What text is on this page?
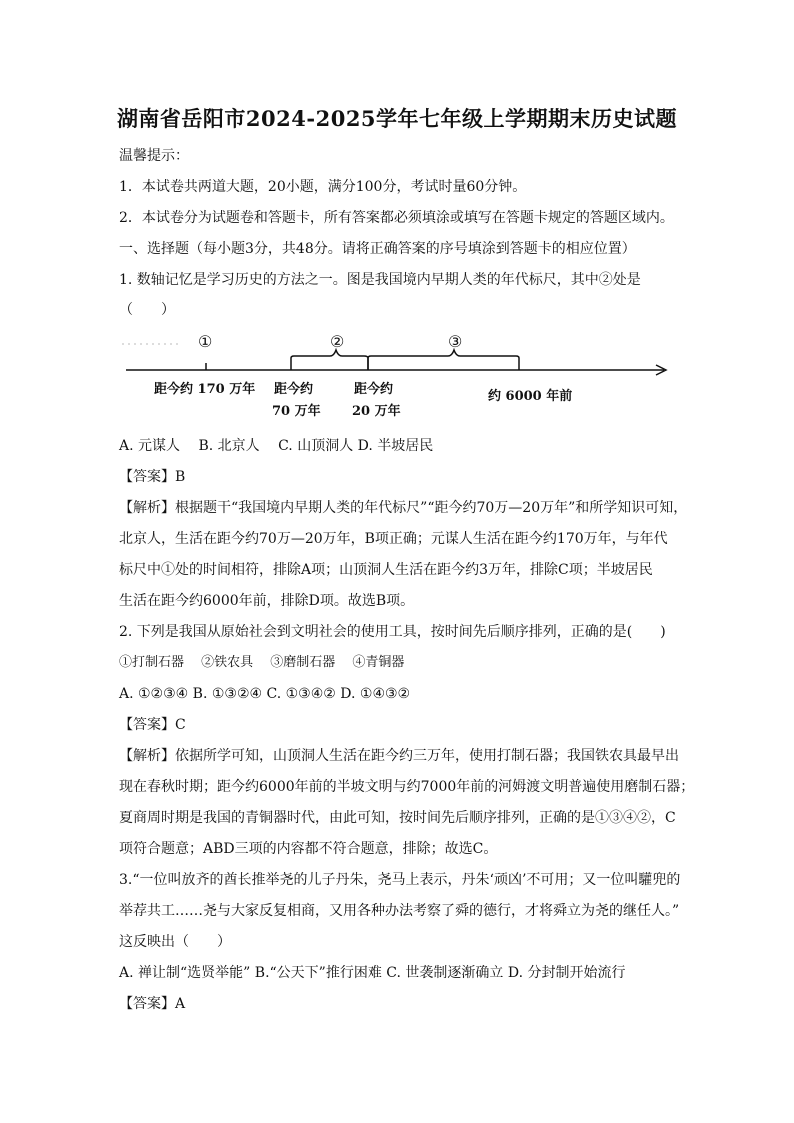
湖南省岳阳市2024-2025学年七年级上学期期末历史试题
温馨提示：
1．本试卷共两道大题，20小题，满分100分，考试时量60分钟。
2．本试卷分为试题卷和答题卡，所有答案都必须填涂或填写在答题卡规定的答题区域内。
一、选择题（每小题3分，共48分。请将正确答案的序号填涂到答题卡的相应位置）
1. 数轴记忆是学习历史的方法之一。图是我国境内早期人类的年代标尺，其中②处是
（　　）
①	②	③
距今约 170 万年 距今约
70 万年
距今约
20 万年
约 6000 年前
A. 元谋人　 B. 北京人　 C. 山顶洞人 D. 半坡居民
【答案】B
【解析】根据题干“我国境内早期人类的年代标尺”“距今约70万—20万年”和所学知识可知，
北京人，生活在距今约70万—20万年，B项正确；元谋人生活在距今约170万年，与年代
标尺中①处的时间相符，排除A项；山顶洞人生活在距今约3万年，排除C项；半坡居民
生活在距今约6000年前，排除D项。故选B项。
2. 下列是我国从原始社会到文明社会的使用工具，按时间先后顺序排列，正确的是(　　)
①打制石器　 ②铁农具　 ③磨制石器　 ④青铜器
A. ①②③④ B. ①③②④ C. ①③④② D. ①④③②
【答案】C
【解析】依据所学可知，山顶洞人生活在距今约三万年，使用打制石器；我国铁农具最早出
现在春秋时期；距今约6000年前的半坡文明与约7000年前的河姆渡文明普遍使用磨制石器；
夏商周时期是我国的青铜器时代，由此可知，按时间先后顺序排列，正确的是①③④②，C
项符合题意；ABD三项的内容都不符合题意，排除；故选C。
3.“一位叫放齐的酋长推举尧的儿子丹朱，尧马上表示，丹朱‘顽凶’不可用；又一位叫驩兜的
举荐共工……尧与大家反复相商，又用各种办法考察了舜的德行，才将舜立为尧的继任人。”
这反映出（　　）
A. 禅让制“选贤举能” B.“公天下”推行困难 C. 世袭制逐渐确立 D. 分封制开始流行
【答案】A
